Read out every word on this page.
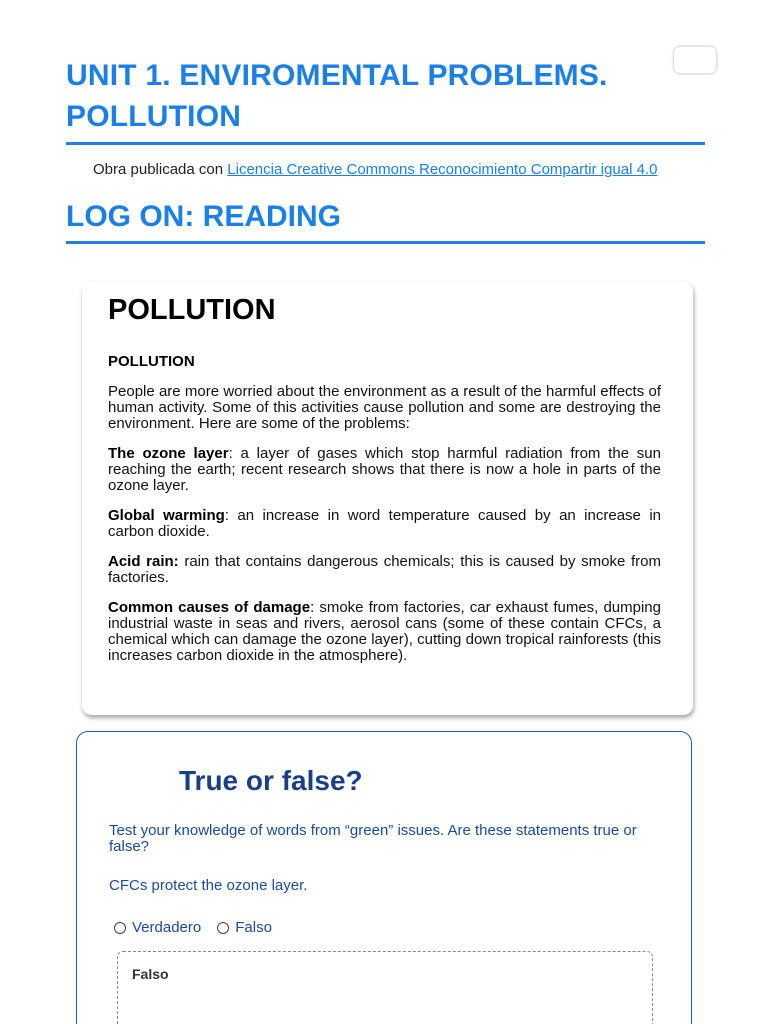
UNIT 1. ENVIROMENTAL PROBLEMS. POLLUTION
Obra publicada con Licencia Creative Commons Reconocimiento Compartir igual 4.0
LOG ON: READING
POLLUTION

POLLUTION

People are more worried about the environment as a result of the harmful effects of human activity. Some of this activities cause pollution and some are destroying the environment. Here are some of the problems:

The ozone layer: a layer of gases which stop harmful radiation from the sun reaching the earth; recent research shows that there is now a hole in parts of the ozone layer.

Global warming: an increase in word temperature caused by an increase in carbon dioxide.

Acid rain: rain that contains dangerous chemicals; this is caused by smoke from factories.

Common causes of damage: smoke from factories, car exhaust fumes, dumping industrial waste in seas and rivers, aerosol cans (some of these contain CFCs, a chemical which can damage the ozone layer), cutting down tropical rainforests (this increases carbon dioxide in the atmosphere).

True or false?

Test your knowledge of words from “green” issues. Are these statements true or false?

CFCs protect the ozone layer.

Verdadero Falso
Falso
